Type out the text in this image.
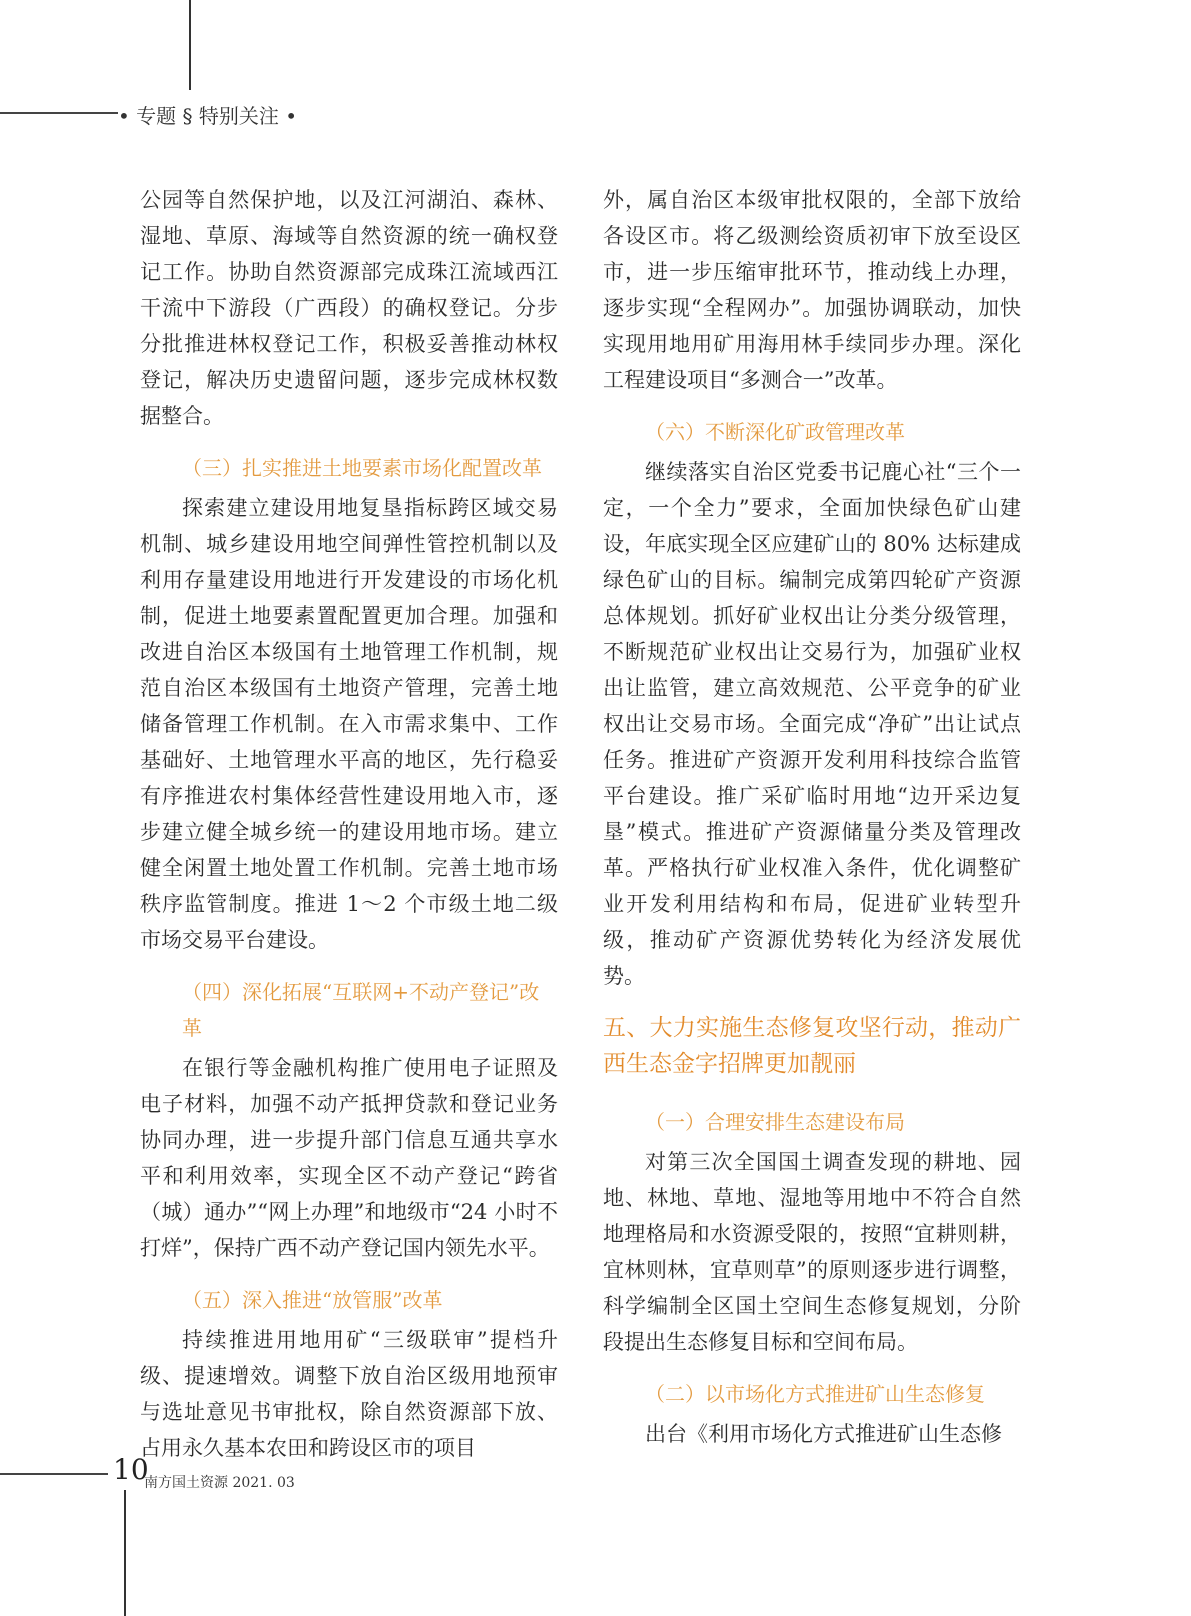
• 专题 § 特别关注 •

公园等自然保护地，以及江河湖泊、森林、湿地、草原、海域等自然资源的统一确权登记工作。协助自然资源部完成珠江流域西江干流中下游段（广西段）的确权登记。分步分批推进林权登记工作，积极妥善推动林权登记，解决历史遗留问题，逐步完成林权数据整合。

（三）扎实推进土地要素市场化配置改革

探索建立建设用地复垦指标跨区域交易机制、城乡建设用地空间弹性管控机制以及利用存量建设用地进行开发建设的市场化机制，促进土地要素置配置更加合理。加强和改进自治区本级国有土地管理工作机制，规范自治区本级国有土地资产管理，完善土地储备管理工作机制。在入市需求集中、工作基础好、土地管理水平高的地区，先行稳妥有序推进农村集体经营性建设用地入市，逐步建立健全城乡统一的建设用地市场。建立健全闲置土地处置工作机制。完善土地市场秩序监管制度。推进 1～2 个市级土地二级市场交易平台建设。

（四）深化拓展“互联网+不动产登记”改革

在银行等金融机构推广使用电子证照及电子材料，加强不动产抵押贷款和登记业务协同办理，进一步提升部门信息互通共享水平和利用效率，实现全区不动产登记“跨省（城）通办”“网上办理”和地级市“24 小时不打烊”，保持广西不动产登记国内领先水平。

（五）深入推进“放管服”改革

持续推进用地用矿“三级联审”提档升级、提速增效。调整下放自治区级用地预审与选址意见书审批权，除自然资源部下放、占用永久基本农田和跨设区市的项目

外，属自治区本级审批权限的，全部下放给各设区市。将乙级测绘资质初审下放至设区市，进一步压缩审批环节，推动线上办理，逐步实现“全程网办”。加强协调联动，加快实现用地用矿用海用林手续同步办理。深化工程建设项目“多测合一”改革。

（六）不断深化矿政管理改革

继续落实自治区党委书记鹿心社“三个一定，一个全力”要求，全面加快绿色矿山建设，年底实现全区应建矿山的 80% 达标建成绿色矿山的目标。编制完成第四轮矿产资源总体规划。抓好矿业权出让分类分级管理，不断规范矿业权出让交易行为，加强矿业权出让监管，建立高效规范、公平竞争的矿业权出让交易市场。全面完成“净矿”出让试点任务。推进矿产资源开发利用科技综合监管平台建设。推广采矿临时用地“边开采边复垦”模式。推进矿产资源储量分类及管理改革。严格执行矿业权准入条件，优化调整矿业开发利用结构和布局，促进矿业转型升级，推动矿产资源优势转化为经济发展优势。

五、大力实施生态修复攻坚行动，推动广西生态金字招牌更加靓丽
（一）合理安排生态建设布局

对第三次全国国土调查发现的耕地、园地、林地、草地、湿地等用地中不符合自然地理格局和水资源受限的，按照“宜耕则耕，宜林则林，宜草则草”的原则逐步进行调整，科学编制全区国土空间生态修复规划，分阶段提出生态修复目标和空间布局。

（二）以市场化方式推进矿山生态修复

出台《利用市场化方式推进矿山生态修

10
南方国土资源 2021. 03
